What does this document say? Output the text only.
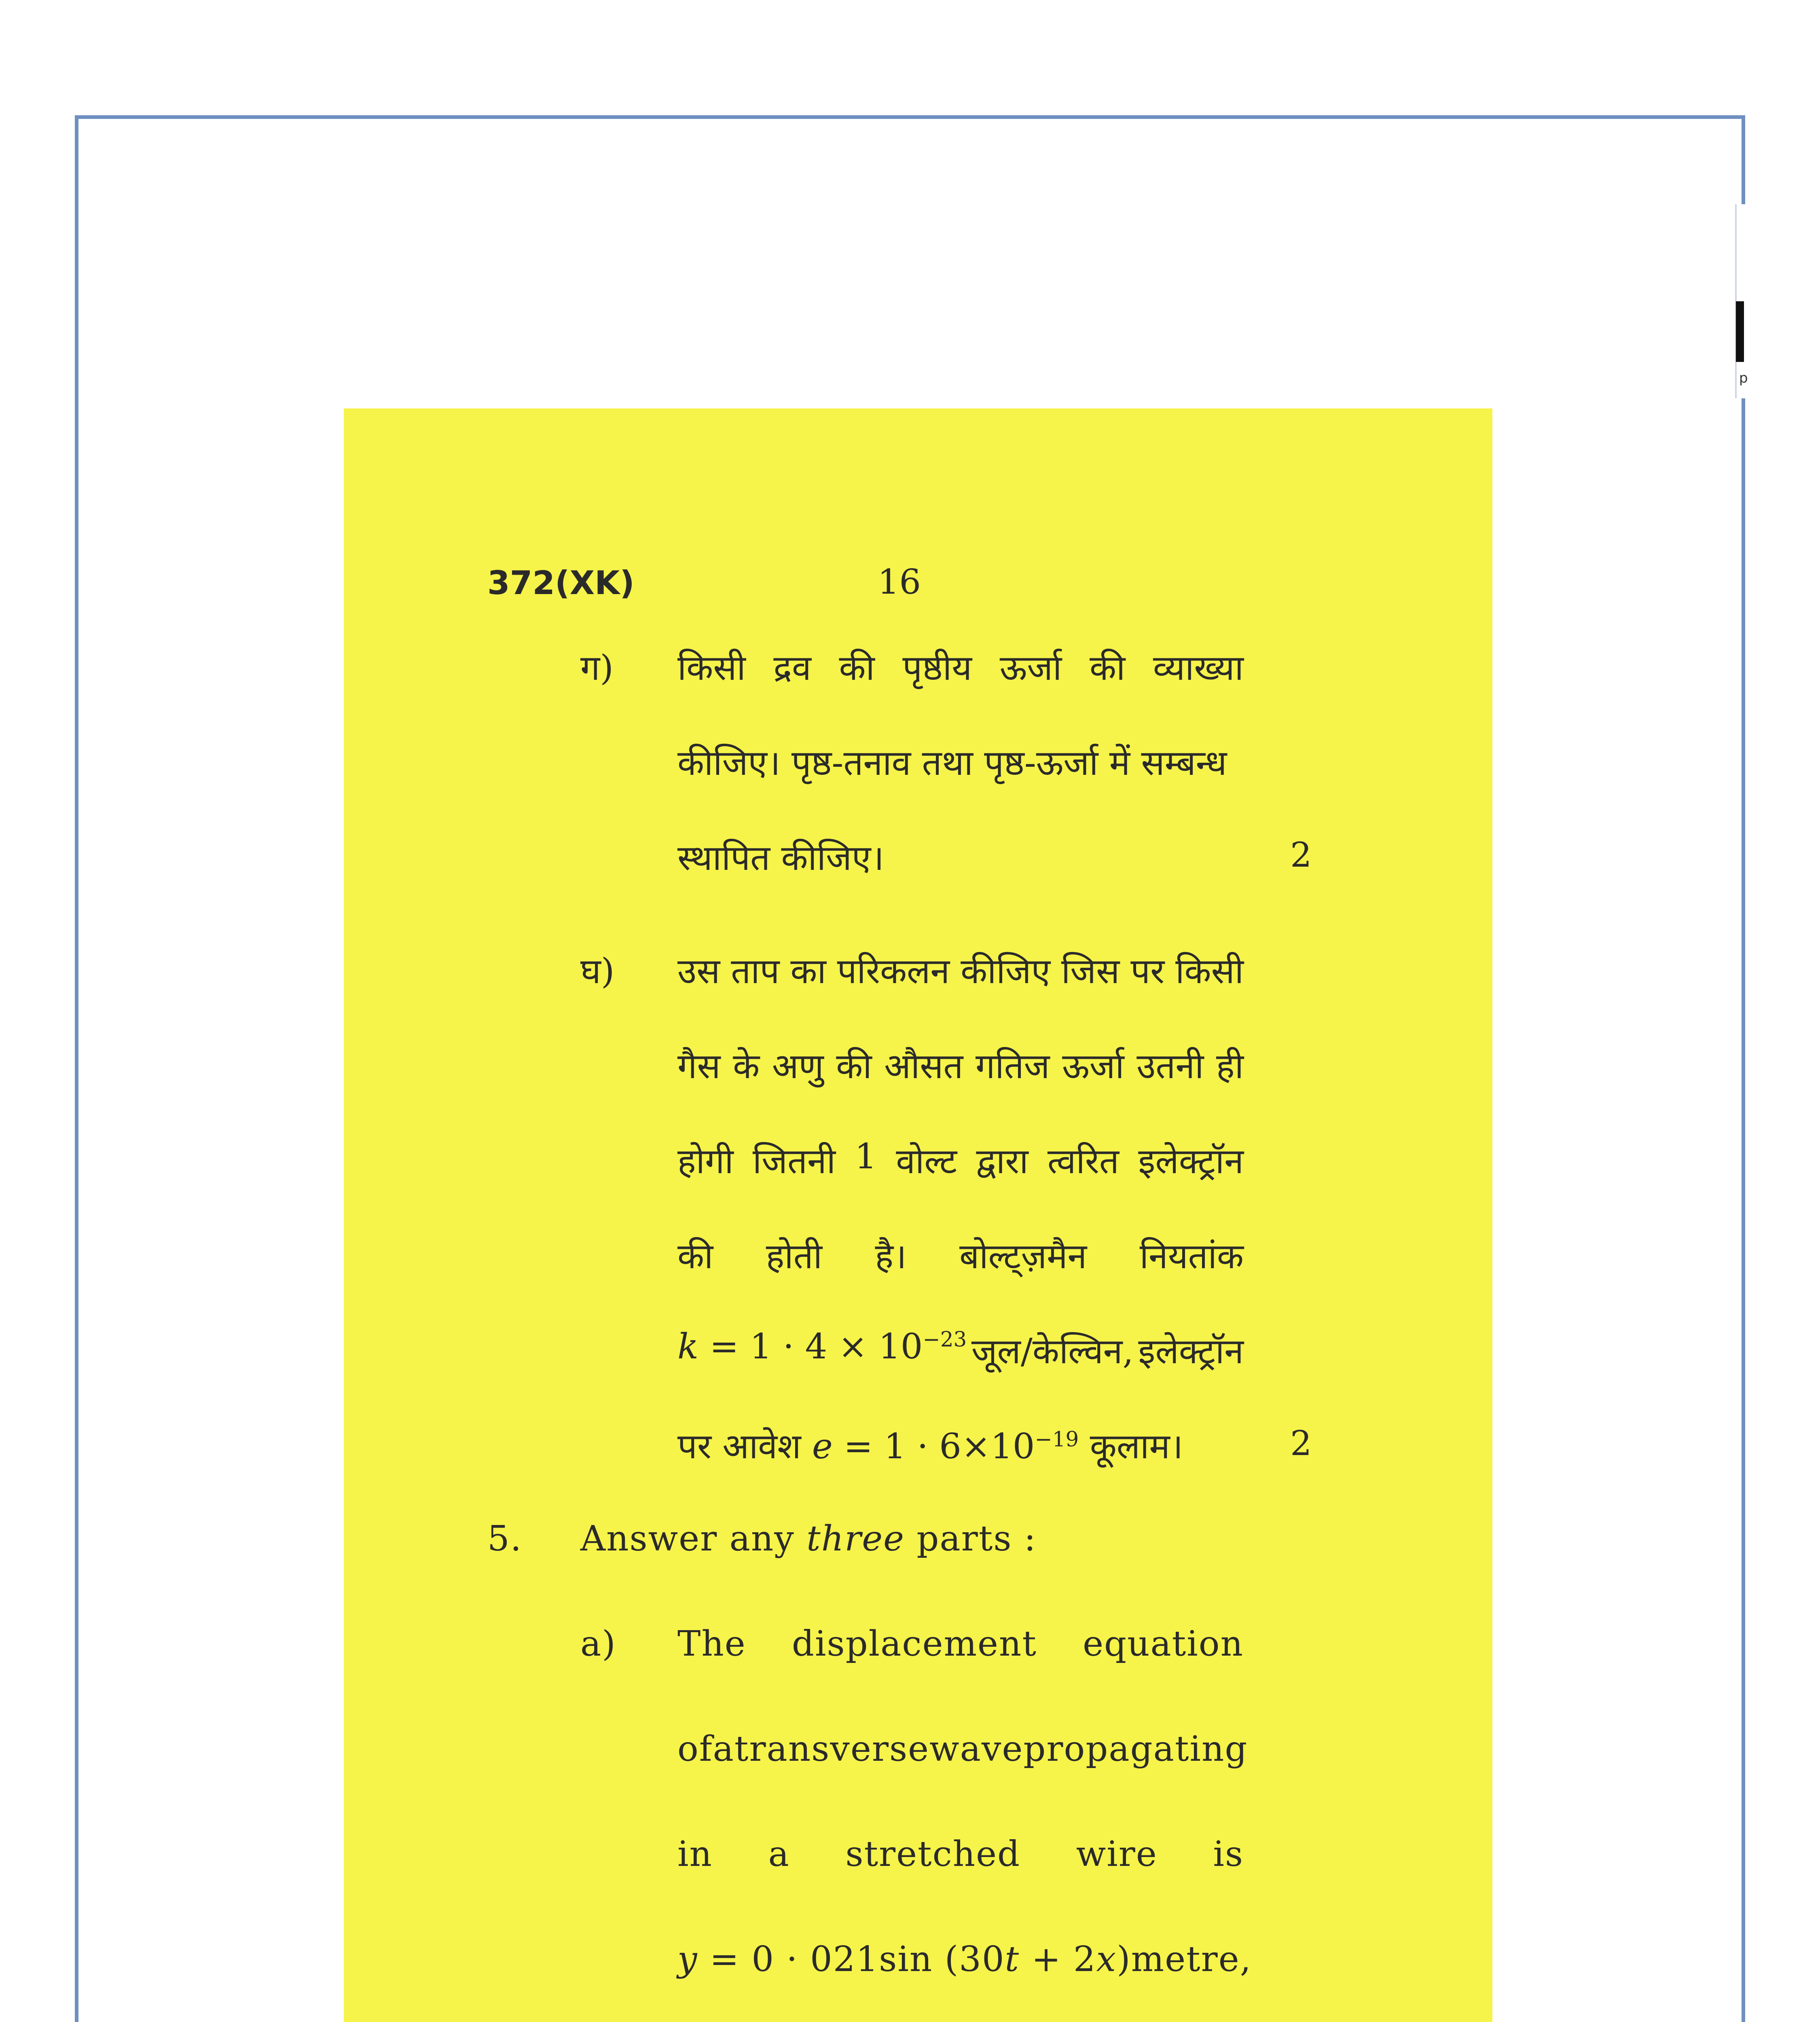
p
372(XK)	16
ग) किसी द्रव की पृष्ठीय ऊर्जा की व्याख्या
कीजिए। पृष्ठ-तनाव तथा पृष्ठ-ऊर्जा में सम्बन्ध
स्थापित कीजिए।	2
घ) उस ताप का परिकलन कीजिए जिस पर किसी
गैस के अणु की औसत गतिज ऊर्जा उतनी ही
होगी जितनी 1 वोल्ट द्वारा त्वरित इलेक्ट्रॉन
की होती है। बोल्ट्ज़मैन नियतांक
$k = 1 \cdot 4 \times 10^{-23}$ जूल/केल्विन, इलेक्ट्रॉन
पर आवेश $e = 1 \cdot 6\times 10^{-19}$ कूलाम।	2
5. Answer any three parts :
a) The displacement equation
of a transverse wave propagating
in a stretched wire is
y = 0 · 021sin (30t + 2x) metre,
